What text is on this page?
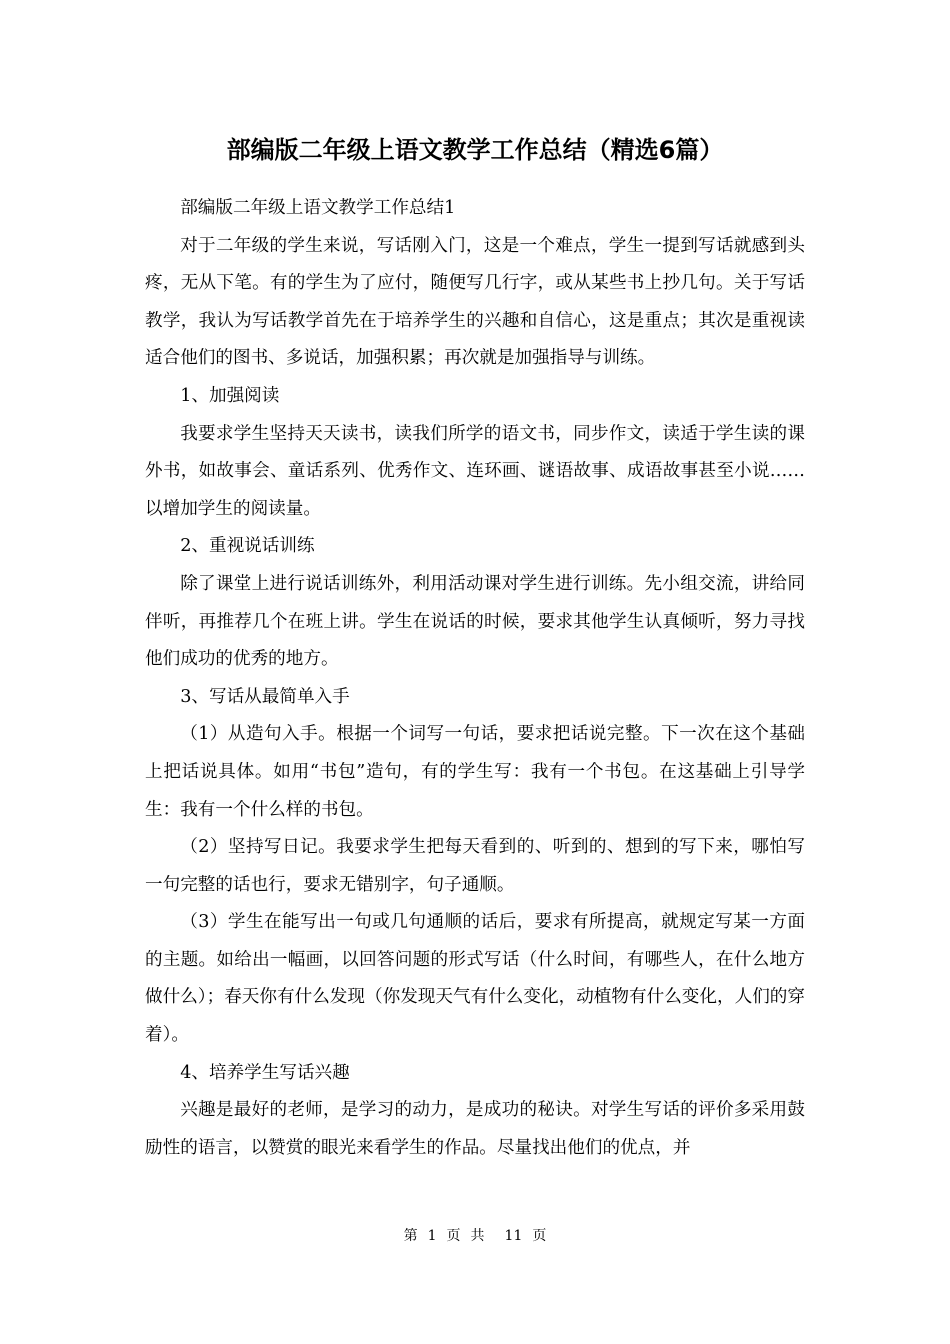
部编版二年级上语文教学工作总结（精选6篇）

部编版二年级上语文教学工作总结1

对于二年级的学生来说，写话刚入门，这是一个难点，学生一提到写话就感到头疼，无从下笔。有的学生为了应付，随便写几行字，或从某些书上抄几句。关于写话教学，我认为写话教学首先在于培养学生的兴趣和自信心，这是重点；其次是重视读适合他们的图书、多说话，加强积累；再次就是加强指导与训练。

1、加强阅读

我要求学生坚持天天读书，读我们所学的语文书，同步作文，读适于学生读的课外书，如故事会、童话系列、优秀作文、连环画、谜语故事、成语故事甚至小说……以增加学生的阅读量。

2、重视说话训练

除了课堂上进行说话训练外，利用活动课对学生进行训练。先小组交流，讲给同伴听，再推荐几个在班上讲。学生在说话的时候，要求其他学生认真倾听，努力寻找他们成功的优秀的地方。

3、写话从最简单入手

（1）从造句入手。根据一个词写一句话，要求把话说完整。下一次在这个基础上把话说具体。如用“书包”造句，有的学生写：我有一个书包。在这基础上引导学生：我有一个什么样的书包。

（2）坚持写日记。我要求学生把每天看到的、听到的、想到的写下来，哪怕写一句完整的话也行，要求无错别字，句子通顺。

（3）学生在能写出一句或几句通顺的话后，要求有所提高，就规定写某一方面的主题。如给出一幅画，以回答问题的形式写话（什么时间，有哪些人，在什么地方做什么）；春天你有什么发现（你发现天气有什么变化，动植物有什么变化，人们的穿着）。

4、培养学生写话兴趣

兴趣是最好的老师，是学习的动力，是成功的秘诀。对学生写话的评价多采用鼓励性的语言，以赞赏的眼光来看学生的作品。尽量找出他们的优点，并

第 1 页共 11 页
